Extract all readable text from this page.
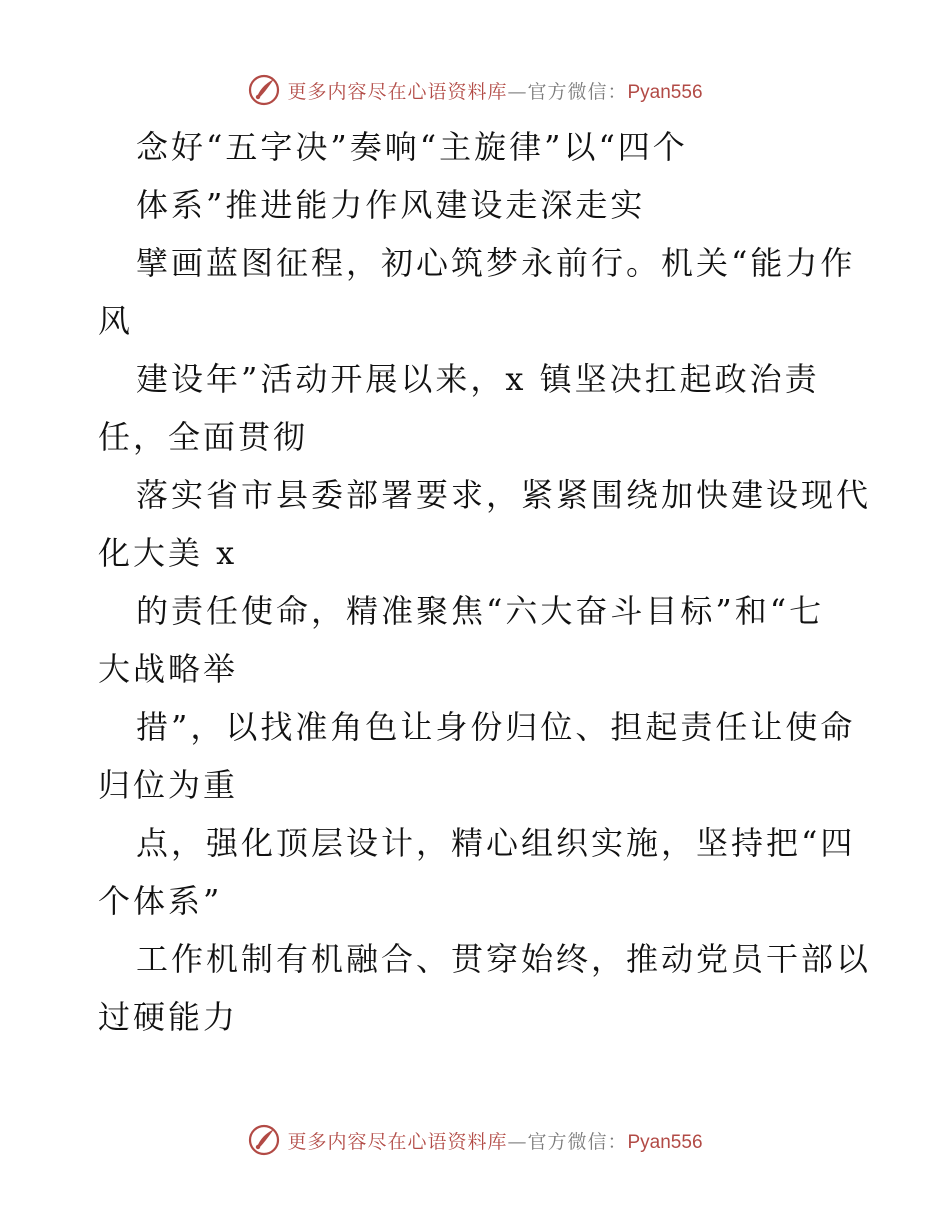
更多内容尽在心语资料库—官方微信：Pyan556
念好“五字决”奏响“主旋律”以“四个
体系”推进能力作风建设走深走实
擘画蓝图征程，初心筑梦永前行。机关“能力作
风
建设年”活动开展以来，x 镇坚决扛起政治责
任，全面贯彻
落实省市县委部署要求，紧紧围绕加快建设现代
化大美 x
的责任使命，精准聚焦“六大奋斗目标”和“七
大战略举
措”，以找准角色让身份归位、担起责任让使命
归位为重
点，强化顶层设计，精心组织实施，坚持把“四
个体系”
工作机制有机融合、贯穿始终，推动党员干部以
过硬能力
更多内容尽在心语资料库—官方微信：Pyan556
